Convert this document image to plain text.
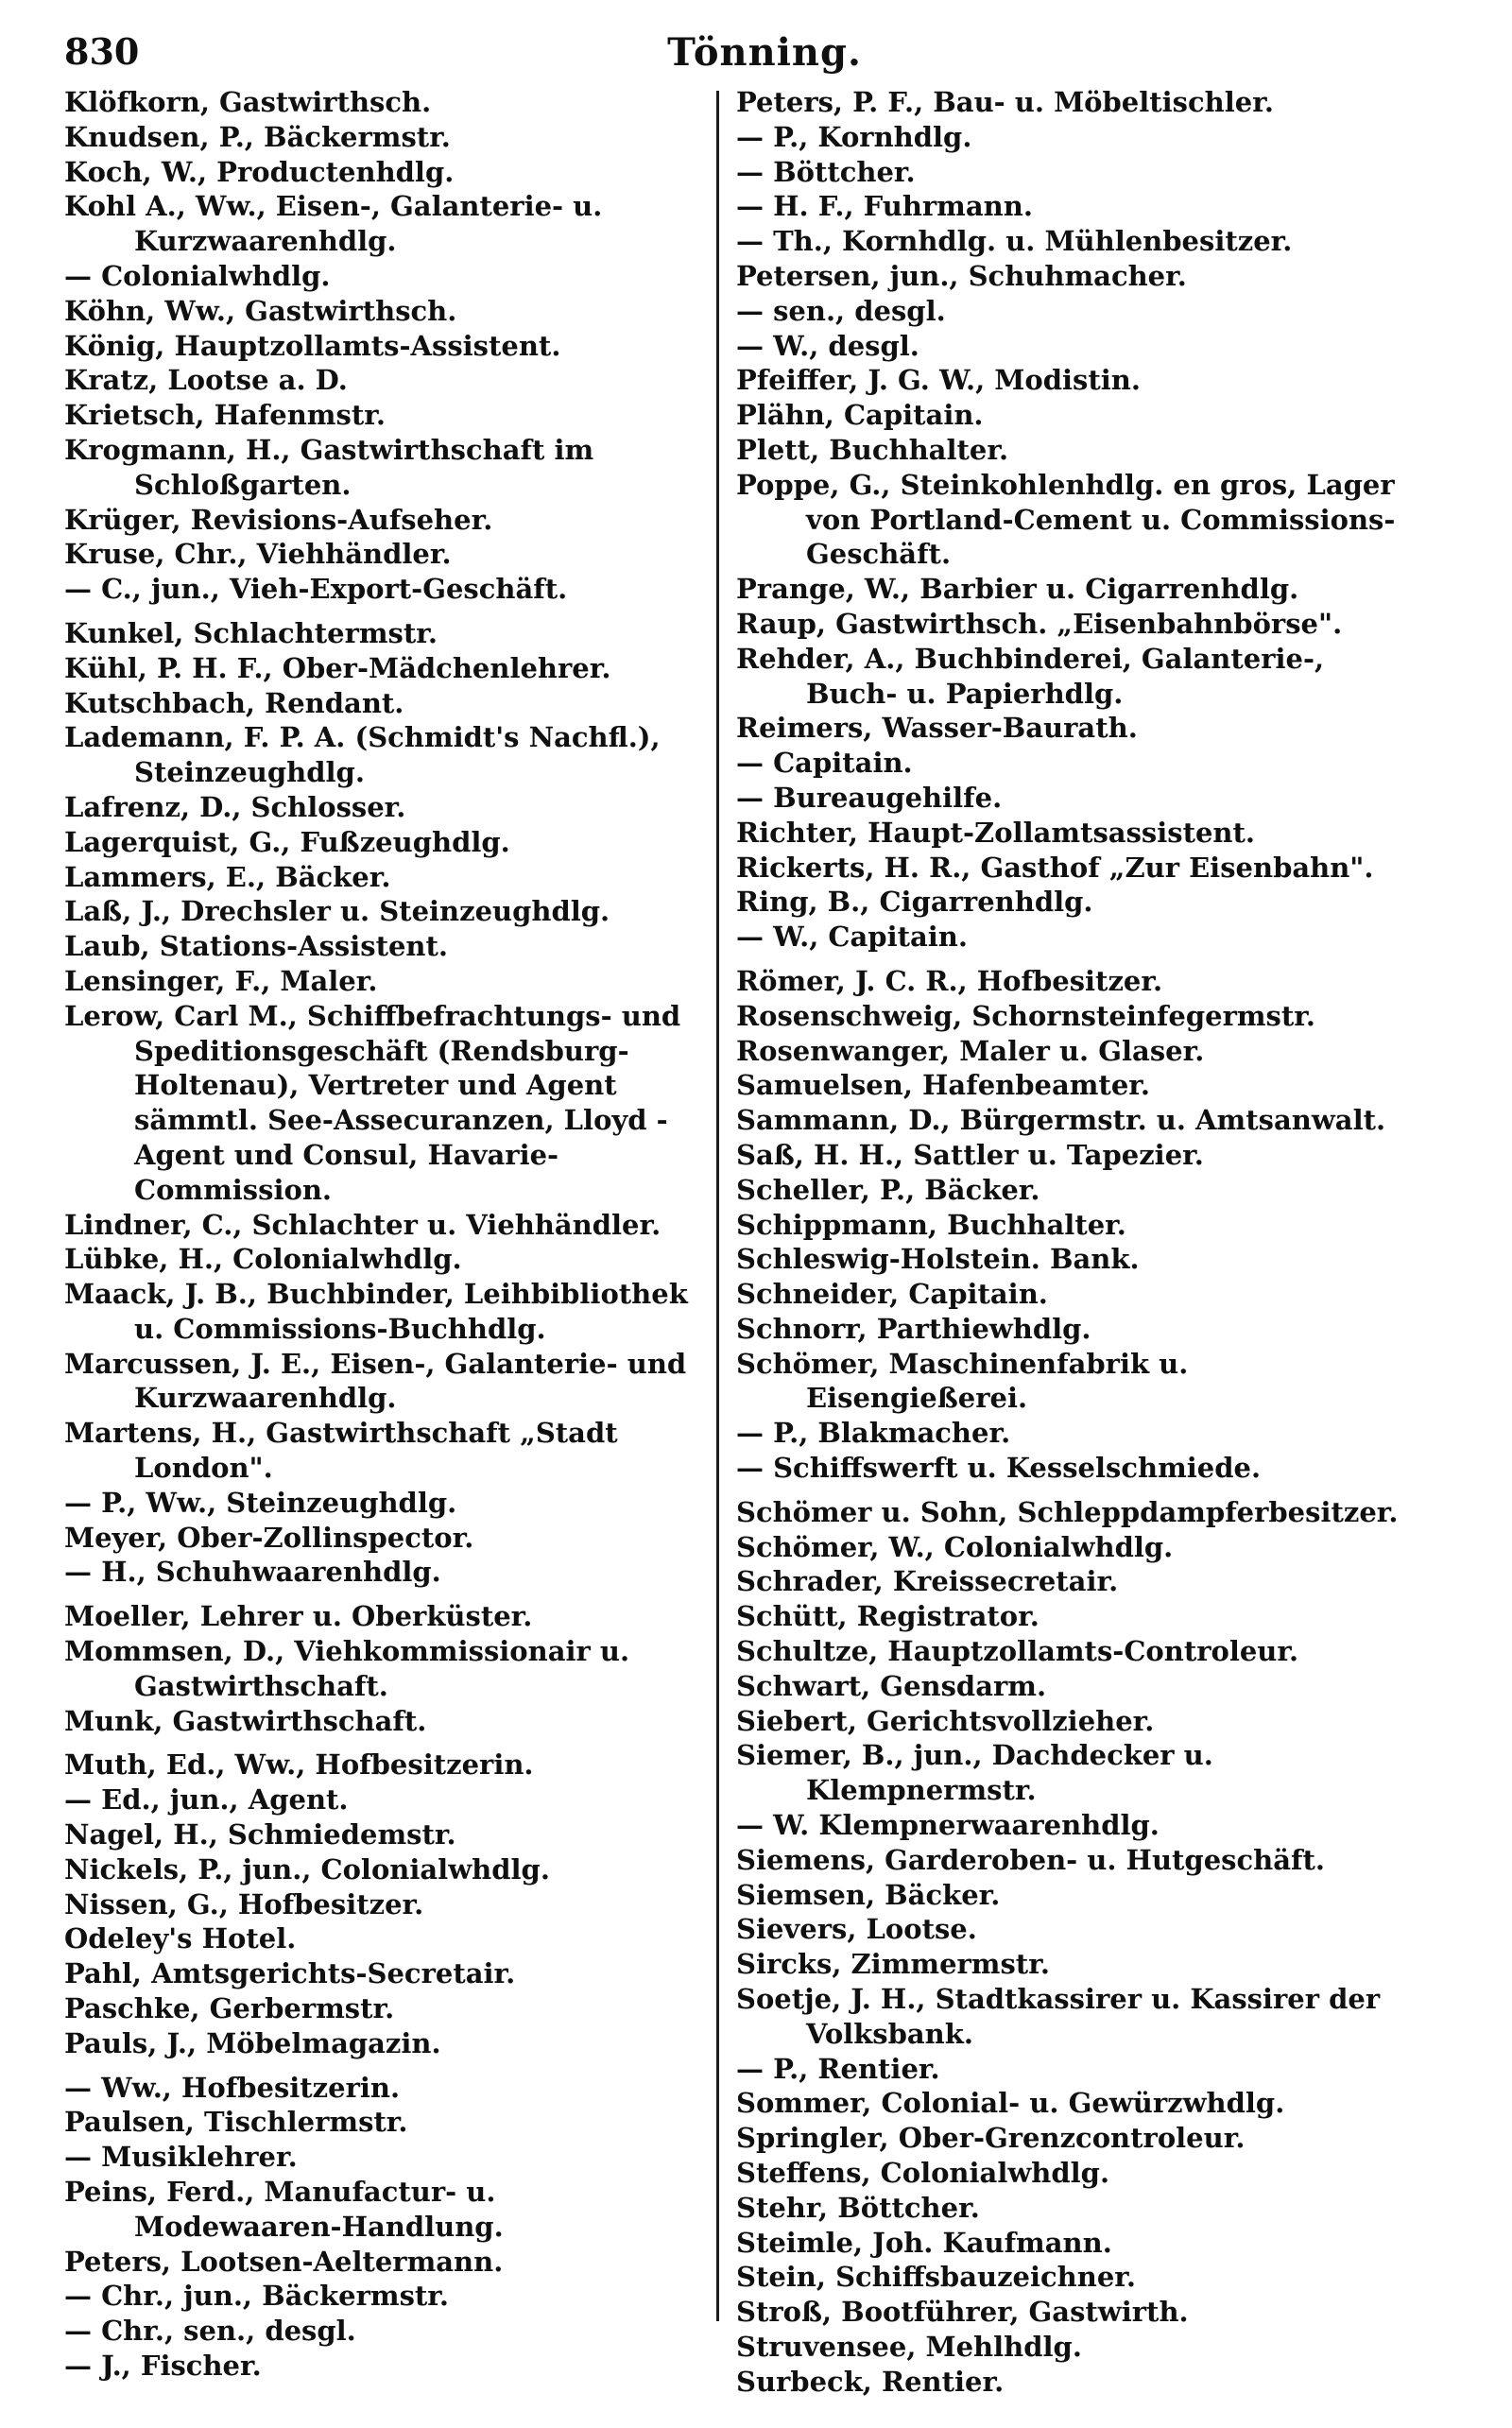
830	Tönning.
Klöfkorn, Gastwirthsch.
Knudsen, P., Bäckermstr.
Koch, W., Productenhdlg.
Kohl A., Ww., Eisen-, Galanterie- u. Kurzwaarenhdlg.
— Colonialwhdlg.
Köhn, Ww., Gastwirthsch.
König, Hauptzollamts-Assistent.
Kratz, Lootse a. D.
Krietsch, Hafenmstr.
Krogmann, H., Gastwirthschaft im Schloßgarten.
Krüger, Revisions-Aufseher.
Kruse, Chr., Viehhändler.
— C., jun., Vieh-Export-Geschäft.
Kunkel, Schlachtermstr.
Kühl, P. H. F., Ober-Mädchenlehrer.
Kutschbach, Rendant.
Lademann, F. P. A. (Schmidt's Nachfl.), Steinzeughdlg.
Lafrenz, D., Schlosser.
Lagerquist, G., Fußzeughdlg.
Lammers, E., Bäcker.
Laß, J., Drechsler u. Steinzeughdlg.
Laub, Stations-Assistent.
Lensinger, F., Maler.
Lerow, Carl M., Schiffbefrachtungs- und Speditionsgeschäft (Rendsburg-Holtenau), Vertreter und Agent sämmtl. See-Assecuranzen, Lloyd - Agent und Consul, Havarie-Commission.
Lindner, C., Schlachter u. Viehhändler.
Lübke, H., Colonialwhdlg.
Maack, J. B., Buchbinder, Leihbibliothek u. Commissions-Buchhdlg.
Marcussen, J. E., Eisen-, Galanterie- und Kurzwaarenhdlg.
Martens, H., Gastwirthschaft „Stadt London".
— P., Ww., Steinzeughdlg.
Meyer, Ober-Zollinspector.
— H., Schuhwaarenhdlg.
Moeller, Lehrer u. Oberküster.
Mommsen, D., Viehkommissionair u. Gastwirthschaft.
Munk, Gastwirthschaft.
Muth, Ed., Ww., Hofbesitzerin.
— Ed., jun., Agent.
Nagel, H., Schmiedemstr.
Nickels, P., jun., Colonialwhdlg.
Nissen, G., Hofbesitzer.
Odeley's Hotel.
Pahl, Amtsgerichts-Secretair.
Paschke, Gerbermstr.
Pauls, J., Möbelmagazin.
— Ww., Hofbesitzerin.
Paulsen, Tischlermstr.
— Musiklehrer.
Peins, Ferd., Manufactur- u. Modewaaren-Handlung.
Peters, Lootsen-Aeltermann.
— Chr., jun., Bäckermstr.
— Chr., sen., desgl.
— J., Fischer.
Peters, P. F., Bau- u. Möbeltischler.
— P., Kornhdlg.
— Böttcher.
— H. F., Fuhrmann.
— Th., Kornhdlg. u. Mühlenbesitzer.
Petersen, jun., Schuhmacher.
— sen., desgl.
— W., desgl.
Pfeiffer, J. G. W., Modistin.
Plähn, Capitain.
Plett, Buchhalter.
Poppe, G., Steinkohlenhdlg. en gros, Lager von Portland-Cement u. Commissions-Geschäft.
Prange, W., Barbier u. Cigarrenhdlg.
Raup, Gastwirthsch. „Eisenbahnbörse".
Rehder, A., Buchbinderei, Galanterie-, Buch- u. Papierhdlg.
Reimers, Wasser-Baurath.
— Capitain.
— Bureaugehilfe.
Richter, Haupt-Zollamtsassistent.
Rickerts, H. R., Gasthof „Zur Eisenbahn".
Ring, B., Cigarrenhdlg.
— W., Capitain.
Römer, J. C. R., Hofbesitzer.
Rosenschweig, Schornsteinfegermstr.
Rosenwanger, Maler u. Glaser.
Samuelsen, Hafenbeamter.
Sammann, D., Bürgermstr. u. Amtsanwalt.
Saß, H. H., Sattler u. Tapezier.
Scheller, P., Bäcker.
Schippmann, Buchhalter.
Schleswig-Holstein. Bank.
Schneider, Capitain.
Schnorr, Parthiewhdlg.
Schömer, Maschinenfabrik u. Eisengießerei.
— P., Blakmacher.
— Schiffswerft u. Kesselschmiede.
Schömer u. Sohn, Schleppdampferbesitzer.
Schömer, W., Colonialwhdlg.
Schrader, Kreissecretair.
Schütt, Registrator.
Schultze, Hauptzollamts-Controleur.
Schwart, Gensdarm.
Siebert, Gerichtsvollzieher.
Siemer, B., jun., Dachdecker u. Klempnermstr.
— W. Klempnerwaarenhdlg.
Siemens, Garderoben- u. Hutgeschäft.
Siemsen, Bäcker.
Sievers, Lootse.
Sircks, Zimmermstr.
Soetje, J. H., Stadtkassirer u. Kassirer der Volksbank.
— P., Rentier.
Sommer, Colonial- u. Gewürzwhdlg.
Springler, Ober-Grenzcontroleur.
Steffens, Colonialwhdlg.
Stehr, Böttcher.
Steimle, Joh. Kaufmann.
Stein, Schiffsbauzeichner.
Stroß, Bootführer, Gastwirth.
Struvensee, Mehlhdlg.
Surbeck, Rentier.
